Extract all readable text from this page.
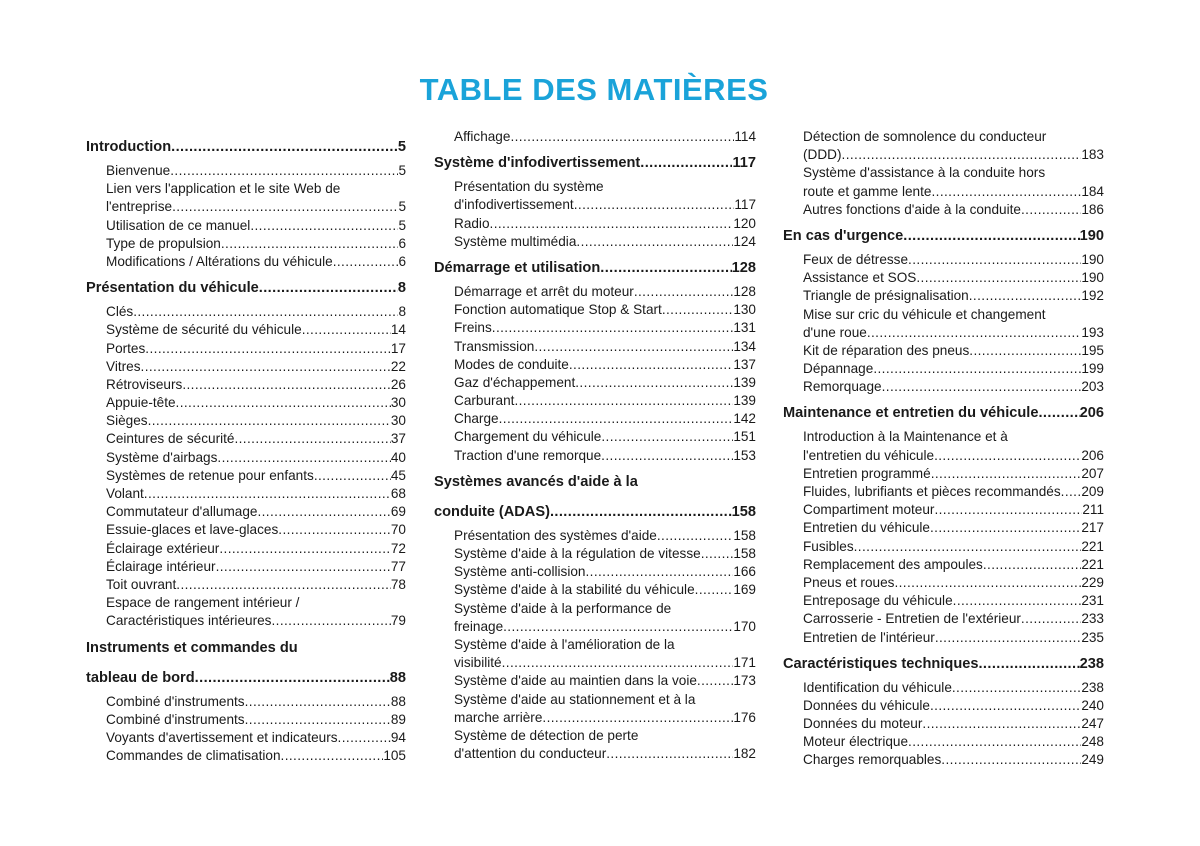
TABLE DES MATIÈRES
Introduction .....	5
Bienvenue .....	5
Lien vers l'application et le site Web de
l'entreprise .....	5
Utilisation de ce manuel .....	5
Type de propulsion .....	6
Modifications / Altérations du véhicule .....	6
Présentation du véhicule .....	8
Clés .....	8
Système de sécurité du véhicule .....	14
Portes .....	17
Vitres .....	22
Rétroviseurs .....	26
Appuie-tête .....	30
Sièges .....	30
Ceintures de sécurité .....	37
Système d'airbags .....	40
Systèmes de retenue pour enfants .....	45
Volant .....	68
Commutateur d'allumage .....	69
Essuie-glaces et lave-glaces .....	70
Éclairage extérieur .....	72
Éclairage intérieur .....	77
Toit ouvrant .....	78
Espace de rangement intérieur /
Caractéristiques intérieures .....	79
Instruments et commandes du
tableau de bord .....	88
Combiné d'instruments .....	88
Combiné d'instruments .....	89
Voyants d'avertissement et indicateurs .....	94
Commandes de climatisation .....	105
Affichage .....	114
Système d'infodivertissement .....	117
Présentation du système
d'infodivertissement .....	117
Radio .....	120
Système multimédia .....	124
Démarrage et utilisation .....	128
Démarrage et arrêt du moteur .....	128
Fonction automatique Stop & Start .....	130
Freins .....	131
Transmission .....	134
Modes de conduite .....	137
Gaz d'échappement .....	139
Carburant .....	139
Charge .....	142
Chargement du véhicule .....	151
Traction d'une remorque .....	153
Systèmes avancés d'aide à la
conduite (ADAS) .....	158
Présentation des systèmes d'aide .....	158
Système d'aide à la régulation de vitesse ..... 158
Système anti-collision .....	166
Système d'aide à la stabilité du véhicule .....	169
Système d'aide à la performance de
freinage .....	170
Système d'aide à l'amélioration de la
visibilité .....	171
Système d'aide au maintien dans la voie .....	173
Système d'aide au stationnement et à la
marche arrière .....	176
Système de détection de perte
d'attention du conducteur .....	182
Détection de somnolence du conducteur
(DDD) .....	183
Système d'assistance à la conduite hors
route et gamme lente .....	184
Autres fonctions d'aide à la conduite .....	186
En cas d'urgence .....	190
Feux de détresse .....	190
Assistance et SOS .....	190
Triangle de présignalisation .....	192
Mise sur cric du véhicule et changement
d'une roue .....	193
Kit de réparation des pneus .....	195
Dépannage .....	199
Remorquage .....	203
Maintenance et entretien du véhicule .....	206
Introduction à la Maintenance et à
l'entretien du véhicule .....	206
Entretien programmé .....	207
Fluides, lubrifiants et pièces recommandés ..... 209
Compartiment moteur .....	211
Entretien du véhicule .....	217
Fusibles .....	221
Remplacement des ampoules .....	221
Pneus et roues .....	229
Entreposage du véhicule .....	231
Carrosserie - Entretien de l'extérieur .....	233
Entretien de l'intérieur .....	235
Caractéristiques techniques .....	238
Identification du véhicule .....	238
Données du véhicule .....	240
Données du moteur .....	247
Moteur électrique .....	248
Charges remorquables .....	249
